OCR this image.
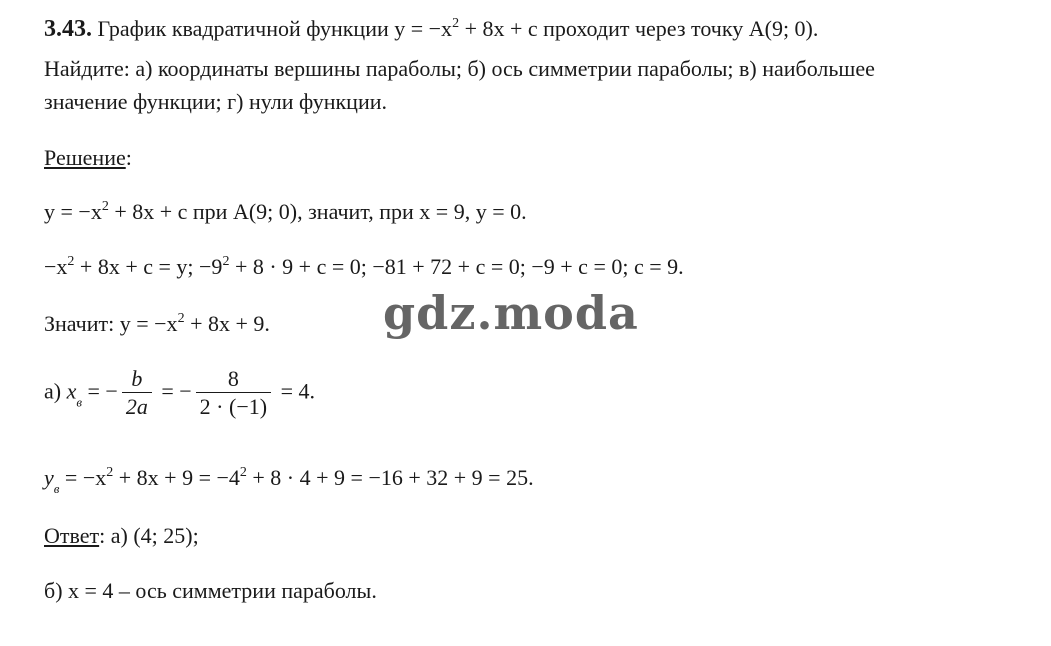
3.43. График квадратичной функции $y = -x^2 + 8x + c$ проходит через точку A(9; 0).
Найдите: а) координаты вершины параболы; б) ось симметрии параболы; в) наибольшее
значение функции; г) нули функции.
Решение:
$y = -x^2 + 8x + c$ при A(9; 0), значит, при x = 9, y = 0.
$-x^2 + 8x + c = y$; $-9^2 + 8 \cdot 9 + c = 0$; −81 + 72 + c = 0; −9 + c = 0; c = 9.
Значит: $y = -x^2 + 8x + 9$. gdz.moda
а) $x_в$ = − $\frac{b}{2a}$ = − $\frac{8}{2 \cdot (-1)} = 4$.
$y_в = -x^2 + 8x + 9 = -4^2 + 8 \cdot 4 + 9 = -16 + 32 + 9 = 25$.
Ответ: а) (4; 25);
б) x = 4 – ось симметрии параболы.
